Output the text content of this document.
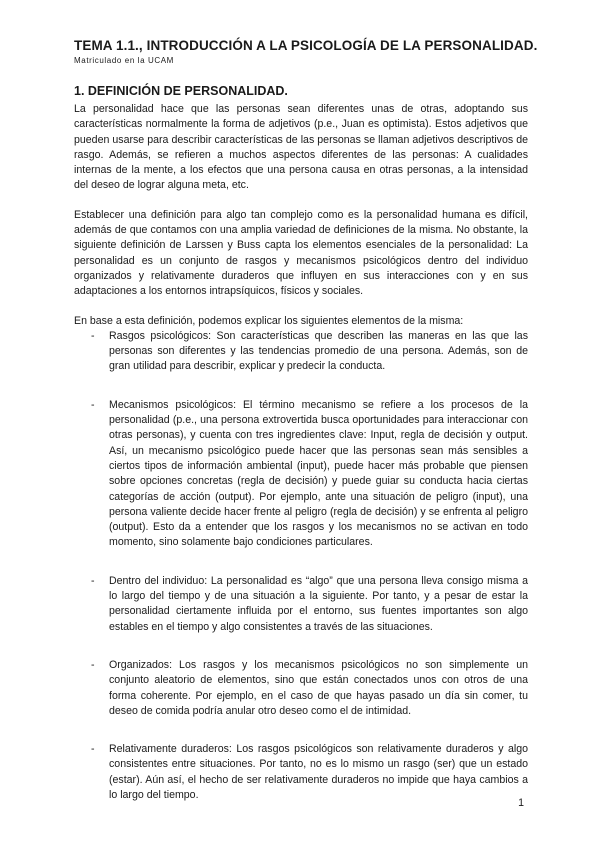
TEMA 1.1., INTRODUCCIÓN A LA PSICOLOGÍA DE LA PERSONALIDAD.
Matriculado en la UCAM
1. DEFINICIÓN DE PERSONALIDAD.

La personalidad hace que las personas sean diferentes unas de otras, adoptando sus características normalmente la forma de adjetivos (p.e., Juan es optimista). Estos adjetivos que pueden usarse para describir características de las personas se llaman adjetivos descriptivos de rasgo. Además, se refieren a muchos aspectos diferentes de las personas: A cualidades internas de la mente, a los efectos que una persona causa en otras personas, a la intensidad del deseo de lograr alguna meta, etc.

Establecer una definición para algo tan complejo como es la personalidad humana es difícil, además de que contamos con una amplia variedad de definiciones de la misma. No obstante, la siguiente definición de Larssen y Buss capta los elementos esenciales de la personalidad: La personalidad es un conjunto de rasgos y mecanismos psicológicos dentro del individuo organizados y relativamente duraderos que influyen en sus interacciones con y en sus adaptaciones a los entornos intrapsíquicos, físicos y sociales.

En base a esta definición, podemos explicar los siguientes elementos de la misma:

- Rasgos psicológicos: Son características que describen las maneras en las que las personas son diferentes y las tendencias promedio de una persona. Además, son de gran utilidad para describir, explicar y predecir la conducta.
- Mecanismos psicológicos: El término mecanismo se refiere a los procesos de la personalidad (p.e., una persona extrovertida busca oportunidades para interaccionar con otras personas), y cuenta con tres ingredientes clave: Input, regla de decisión y output. Así, un mecanismo psicológico puede hacer que las personas sean más sensibles a ciertos tipos de información ambiental (input), puede hacer más probable que piensen sobre opciones concretas (regla de decisión) y puede guiar su conducta hacia ciertas categorías de acción (output). Por ejemplo, ante una situación de peligro (input), una persona valiente decide hacer frente al peligro (regla de decisión) y se enfrenta al peligro (output). Esto da a entender que los rasgos y los mecanismos no se activan en todo momento, sino solamente bajo condiciones particulares.
- Dentro del individuo: La personalidad es “algo” que una persona lleva consigo misma a lo largo del tiempo y de una situación a la siguiente. Por tanto, y a pesar de estar la personalidad ciertamente influida por el entorno, sus fuentes importantes son algo estables en el tiempo y algo consistentes a través de las situaciones.
- Organizados: Los rasgos y los mecanismos psicológicos no son simplemente un conjunto aleatorio de elementos, sino que están conectados unos con otros de una forma coherente. Por ejemplo, en el caso de que hayas pasado un día sin comer, tu deseo de comida podría anular otro deseo como el de intimidad.
- Relativamente duraderos: Los rasgos psicológicos son relativamente duraderos y algo consistentes entre situaciones. Por tanto, no es lo mismo un rasgo (ser) que un estado (estar). Aún así, el hecho de ser relativamente duraderos no impide que haya cambios a lo largo del tiempo.
1
